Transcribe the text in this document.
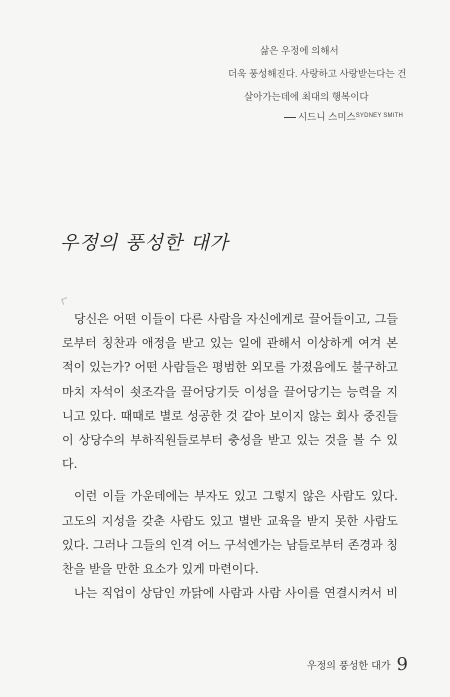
삶은 우정에 의해서
더욱 풍성해진다. 사랑하고 사랑받는다는 건
살아가는데에 최대의 행복이다
시드니 스미스$^{SYDNEY SMITH}$
우정의 풍성한 대가
당신은 어떤 이들이 다른 사람을 자신에게로 끌어들이고, 그들
로부터 칭찬과 애정을 받고 있는 일에 관해서 이상하게 여겨 본
적이 있는가? 어떤 사람들은 평범한 외모를 가졌음에도 불구하고
마치 자석이 쇳조각을 끌어당기듯 이성을 끌어당기는 능력을 지
니고 있다. 때때로 별로 성공한 것 같아 보이지 않는 회사 중진들
이 상당수의 부하직원들로부터 충성을 받고 있는 것을 볼 수 있
다.
이런 이들 가운데에는 부자도 있고 그렇지 않은 사람도 있다.
고도의 지성을 갖춘 사람도 있고 별반 교육을 받지 못한 사람도
있다. 그러나 그들의 인격 어느 구석엔가는 남들로부터 존경과 칭
찬을 받을 만한 요소가 있게 마련이다.
나는 직업이 상담인 까닭에 사람과 사람 사이를 연결시켜서 비
우정의 풍성한 대가 9
